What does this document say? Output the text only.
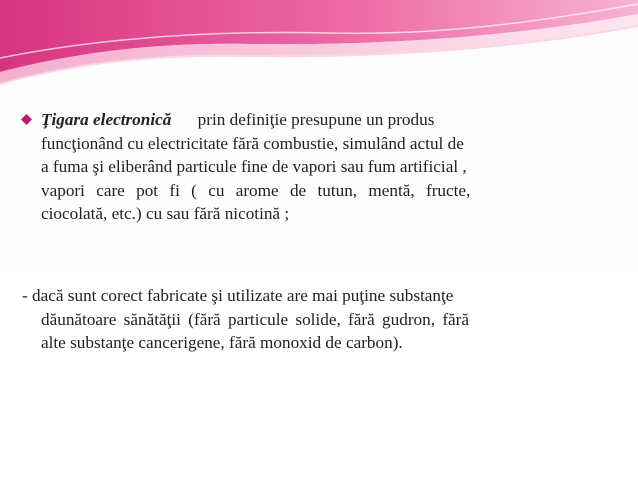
Ţigara electronică prin definiţie presupune un produs
funcţionând cu electricitate fără combustie, simulând actul de
a fuma şi eliberând particule fine de vapori sau fum artificial ,
vapori care pot fi ( cu arome de tutun, mentă, fructe,
ciocolată, etc.) cu sau fără nicotină ;
- dacă sunt corect fabricate şi utilizate are mai puţine substanţe
dăunătoare sănătăţii (fără particule solide, fără gudron, fără
alte substanţe cancerigene, fără monoxid de carbon).
